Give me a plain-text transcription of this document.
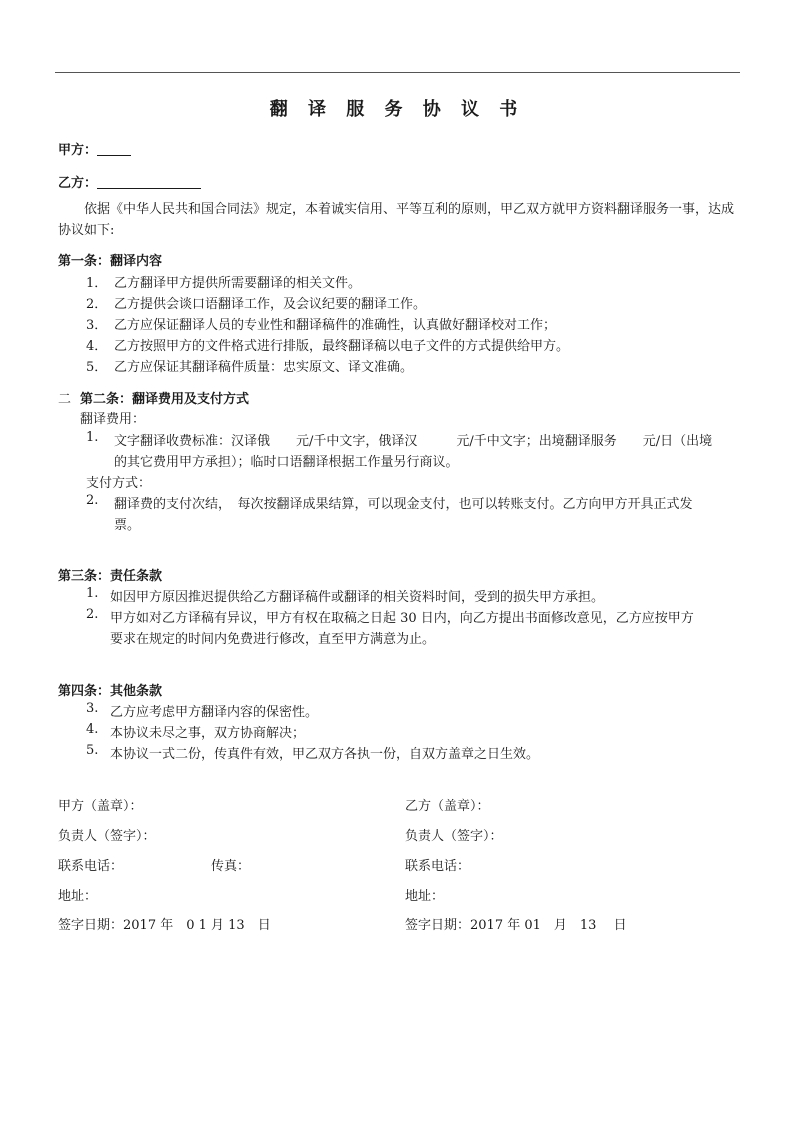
翻 译 服 务 协 议 书
甲方：
乙方：
依据《中华人民共和国合同法》规定，本着诚实信用、平等互利的原则，甲乙双方就甲方资料翻译服务一事，达成协议如下:
第一条：翻译内容
1． 乙方翻译甲方提供所需要翻译的相关文件。
2． 乙方提供会谈口语翻译工作，及会议纪要的翻译工作。
3． 乙方应保证翻译人员的专业性和翻译稿件的准确性，认真做好翻译校对工作；
4． 乙方按照甲方的文件格式进行排版，最终翻译稿以电子文件的方式提供给甲方。
5． 乙方应保证其翻译稿件质量：忠实原文、译文准确。
二 第二条：翻译费用及支付方式
翻译费用：
1. 文字翻译收费标准：汉译俄　　元/千中文字，俄译汉　　　元/千中文字；出境翻译服务　　元/日（出境
的其它费用甲方承担）；临时口语翻译根据工作量另行商议。
支付方式：
2. 翻译费的支付次结，　每次按翻译成果结算，可以现金支付，也可以转账支付。乙方向甲方开具正式发
票。
第三条：责任条款
1. 如因甲方原因推迟提供给乙方翻译稿件或翻译的相关资料时间，受到的损失甲方承担。
2. 甲方如对乙方译稿有异议，甲方有权在取稿之日起 30 日内，向乙方提出书面修改意见，乙方应按甲方
要求在规定的时间内免费进行修改，直至甲方满意为止。
第四条：其他条款
3. 乙方应考虑甲方翻译内容的保密性。
4. 本协议未尽之事，双方协商解决；
5. 本协议一式二份，传真件有效，甲乙双方各执一份，自双方盖章之日生效。
甲方（盖章）：
负责人（签字）：
联系电话：	传真：
地址：
签字日期：2017 年　0 1 月 13　日
乙方（盖章）：
负责人（签字）：
联系电话：
地址：
签字日期：2017 年 01　月　13　 日
